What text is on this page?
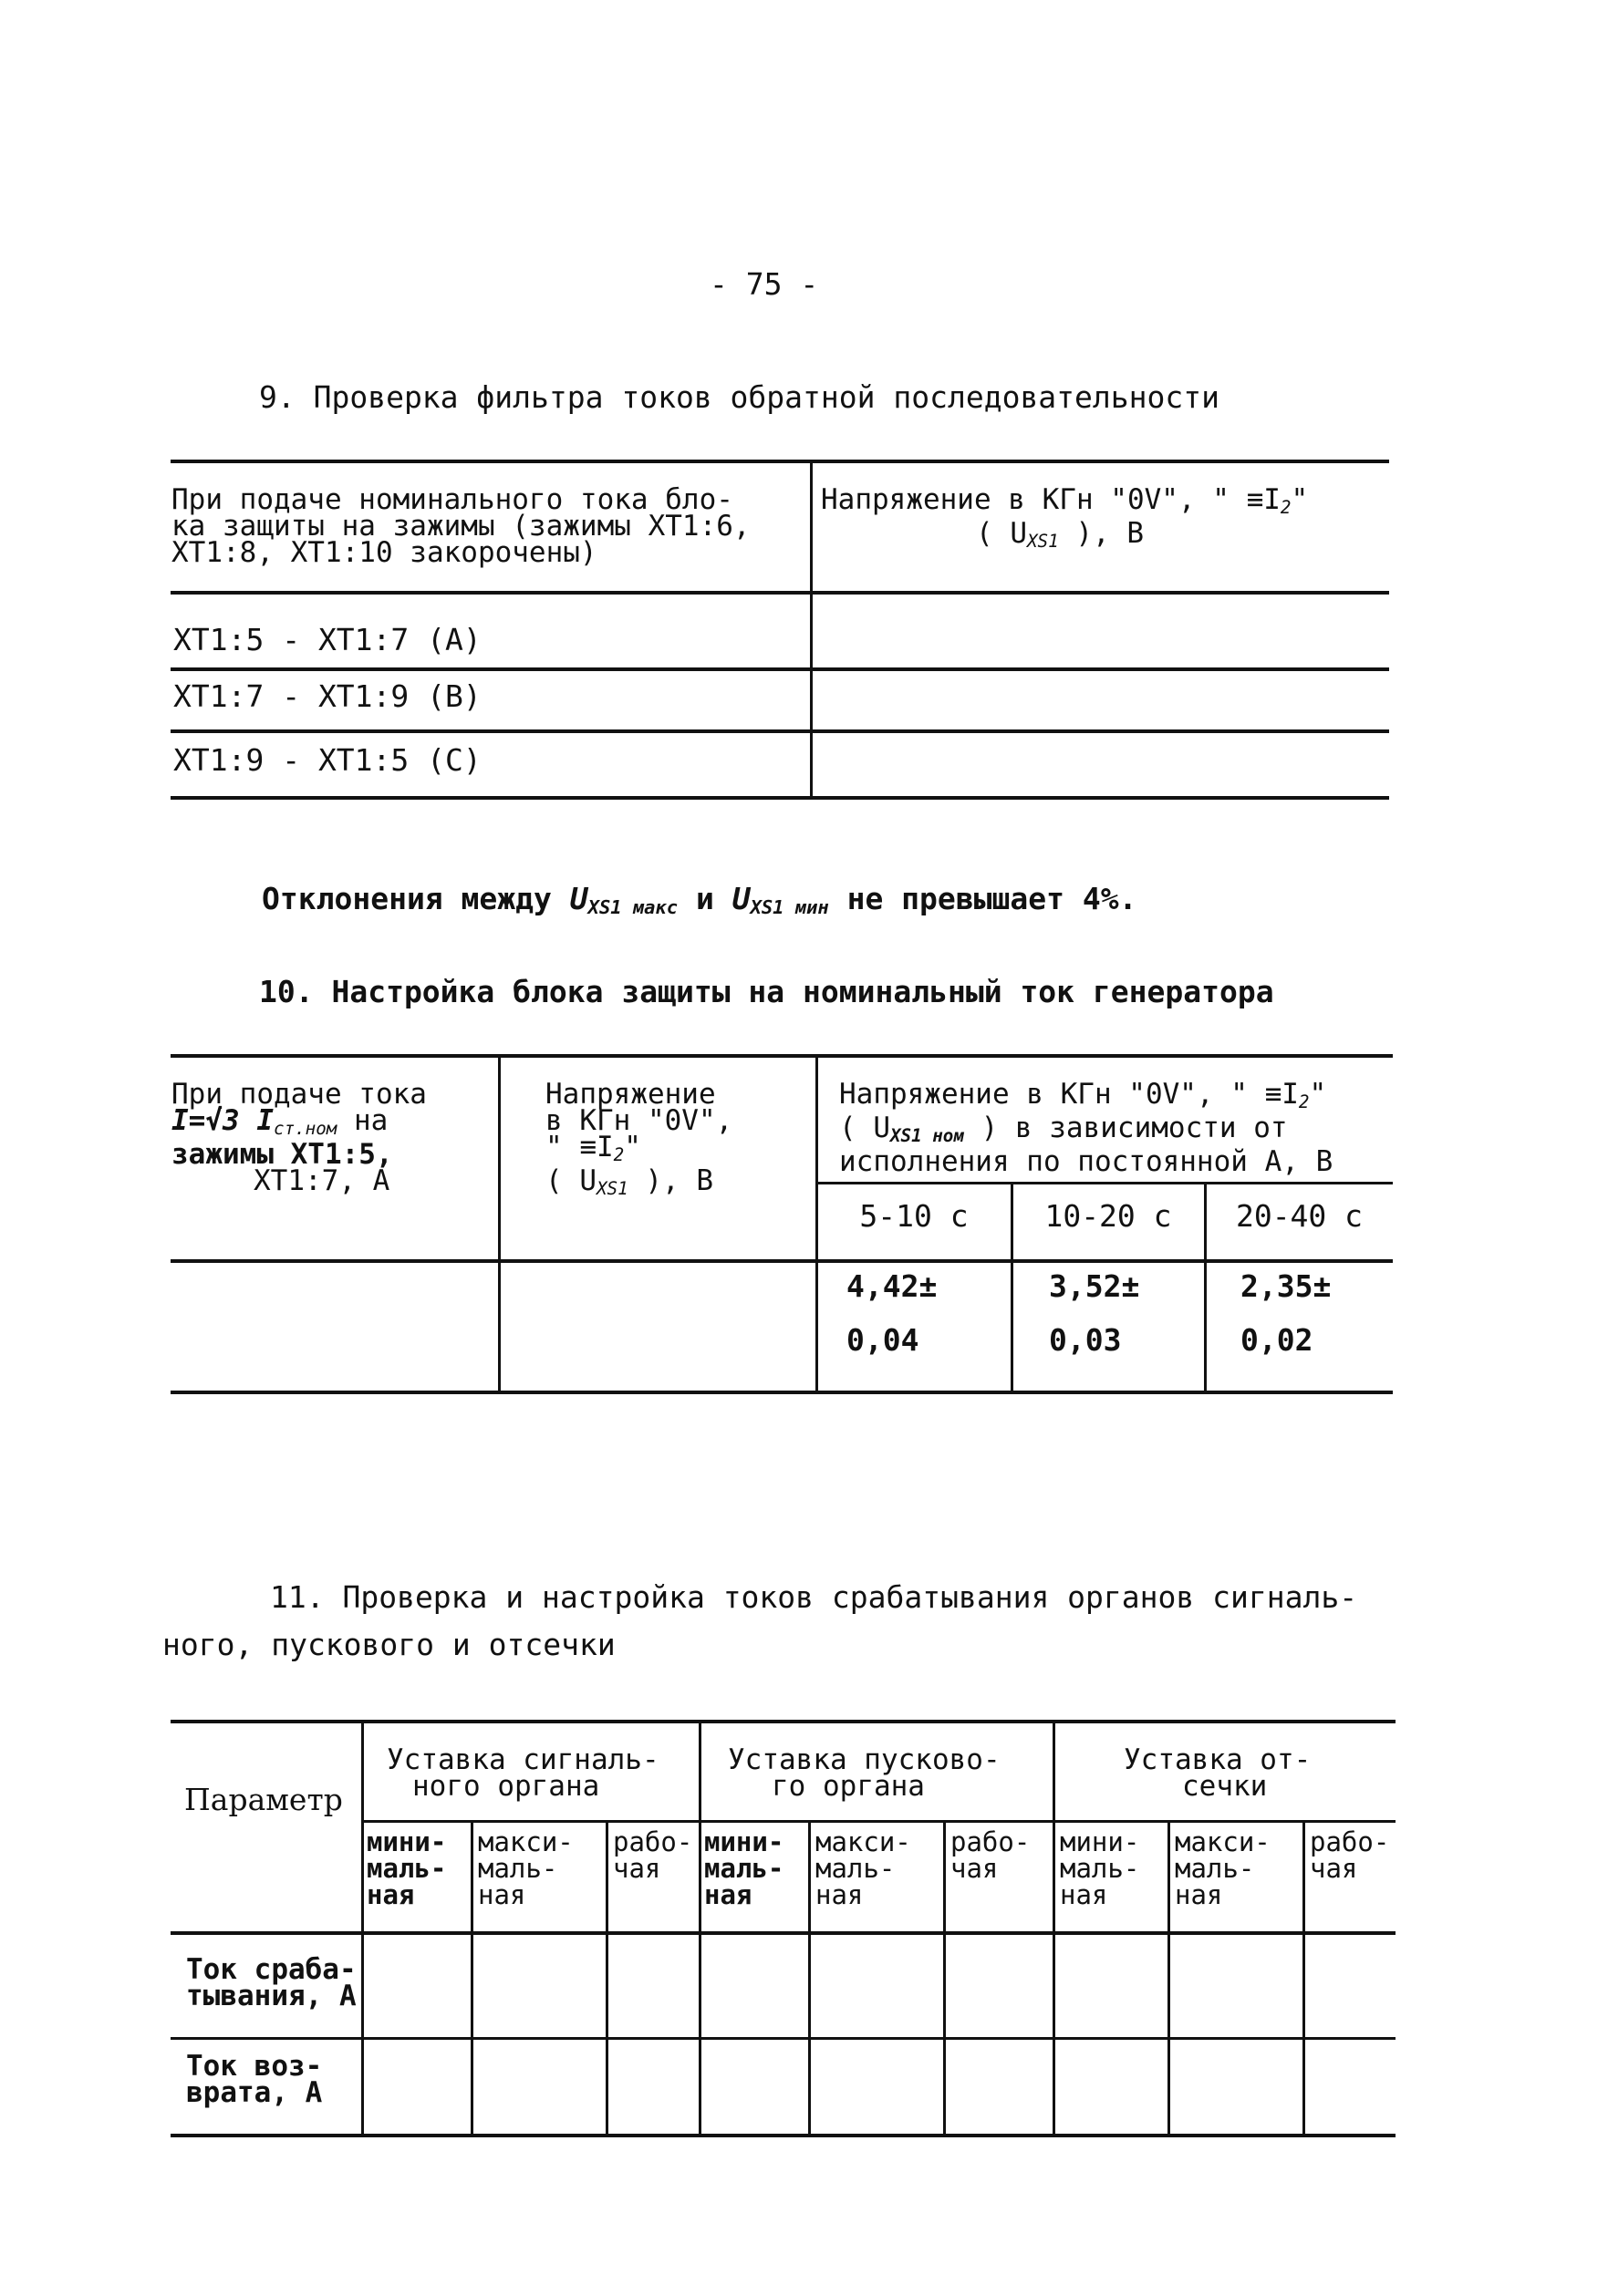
- 75 -
9. Проверка фильтра токов обратной последовательности
При подаче номинального тока бло-
ка защиты на зажимы (зажимы ХТ1:6,
ХТ1:8, ХТ1:10 закорочены)
Напряжение в КГн "0V", " $\equiv I_2$"
( $U_{XS1}$ ), В
ХТ1:5 - ХТ1:7 (А)
ХТ1:7 - ХТ1:9 (В)
ХТ1:9 - ХТ1:5 (С)
Отклонения между $U_{XS1 макс}$ и $U_{XS1 мин}$ не превышает 4%.
10. Настройка блока защиты на номинальный ток генератора
При подаче тока
I=√3 $I_{ст.ном}$ на
зажимы ХТ1:5,
ХТ1:7, А
Напряжение
в КГн "0V",
" $\equiv I_2$"
( $U_{XS1}$ ), В
Напряжение в КГн "0V", " $\equiv I_2$"
( $U_{XS1 ном}$ ) в зависимости от
исполнения по постоянной А, В
5-10 с	10-20 с	20-40 с
4,42±
0,04
3,52±
0,03
2,35±
0,02
11. Проверка и настройка токов срабатывания органов сигналь-
ного, пускового и отсечки
Параметр
Уставка сигналь-
ного органа
Уставка пусково-
го органа
Уставка от-
сечки
мини-
маль-
ная
макси-
маль-
ная
рабо-
чая
мини-
маль-
ная
макси-
маль-
ная
рабо-
чая
мини-
маль-
ная
макси-
маль-
ная
рабо-
чая
Ток сраба-
тывания, А
Ток воз-
врата, А
